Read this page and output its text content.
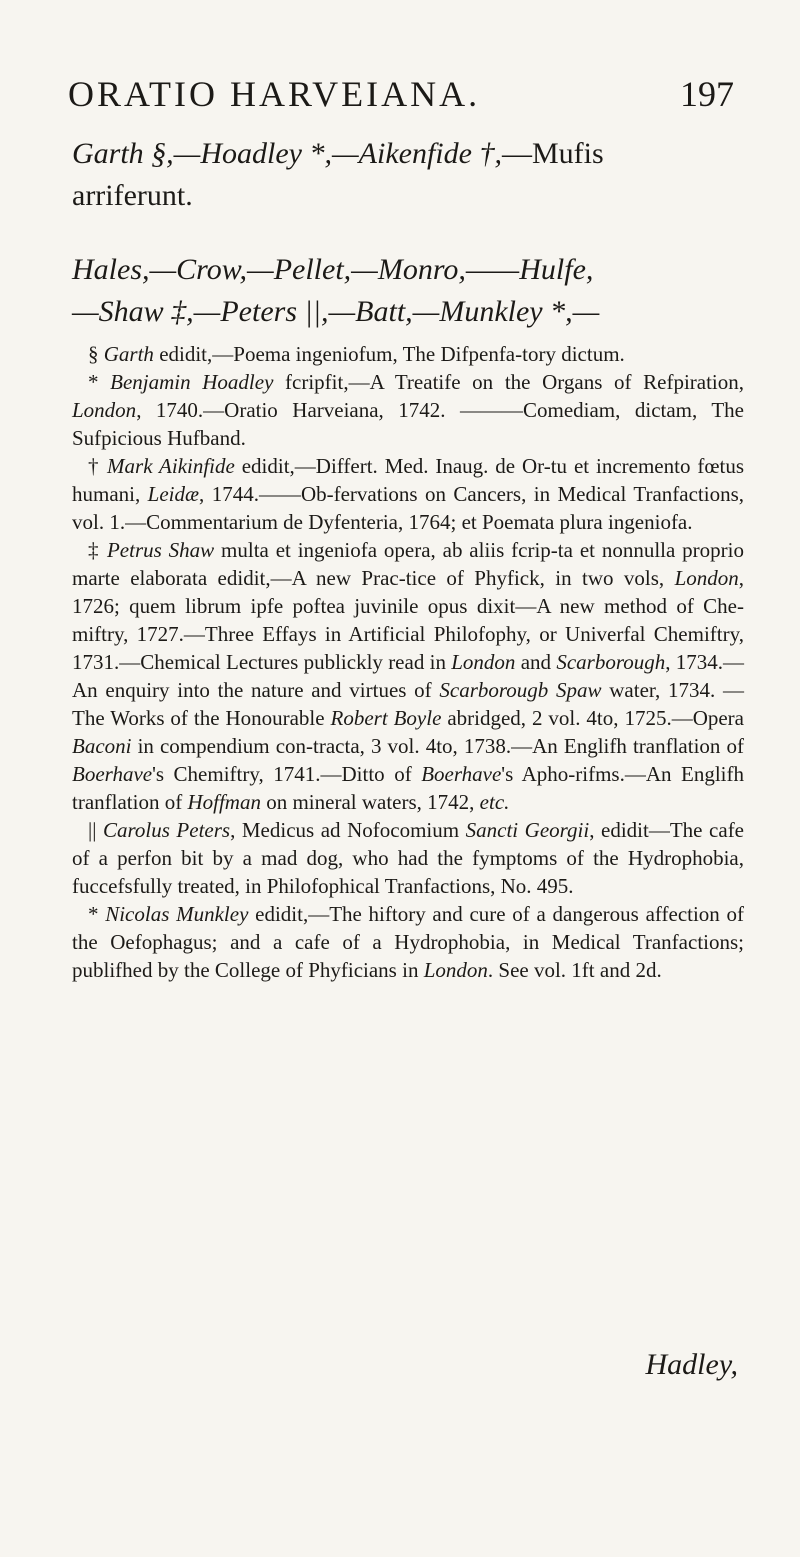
ORATIO HARVEIANA.	197

Garth §,—Hoadley *,—Aikenfide †,—Mufis

arriferunt.

Hales,—Crow,—Pellet,—Monro,——Hulfe,

—Shaw ‡,—Peters ||,—Batt,—Munkley *,—

§ Garth edidit,—Poema ingeniofum, The Difpenfa-tory dictum.

* Benjamin Hoadley fcripfit,—A Treatife on the Organs of Refpiration, London, 1740.—Oratio Harveiana, 1742. ———Comediam, dictam, The Sufpicious Hufband.

† Mark Aikinfide edidit,—Differt. Med. Inaug. de Or-tu et incremento fœtus humani, Leidæ, 1744.——Ob-fervations on Cancers, in Medical Tranfactions, vol. 1.—Commentarium de Dyfenteria, 1764; et Poemata plura ingeniofa.

‡ Petrus Shaw multa et ingeniofa opera, ab aliis fcrip-ta et nonnulla proprio marte elaborata edidit,—A new Prac-tice of Phyfick, in two vols, London, 1726; quem librum ipfe poftea juvinile opus dixit—A new method of Che-miftry, 1727.—Three Effays in Artificial Philofophy, or Univerfal Chemiftry, 1731.—Chemical Lectures publickly read in London and Scarborough, 1734.—An enquiry into the nature and virtues of Scarborougb Spaw water, 1734. —The Works of the Honourable Robert Boyle abridged, 2 vol. 4to, 1725.—Opera Baconi in compendium con-tracta, 3 vol. 4to, 1738.—An Englifh tranflation of Boerhave's Chemiftry, 1741.—Ditto of Boerhave's Apho-rifms.—An Englifh tranflation of Hoffman on mineral waters, 1742, etc.

|| Carolus Peters, Medicus ad Nofocomium Sancti Georgii, edidit—The cafe of a perfon bit by a mad dog, who had the fymptoms of the Hydrophobia, fuccefsfully treated, in Philofophical Tranfactions, No. 495.

* Nicolas Munkley edidit,—The hiftory and cure of a dangerous affection of the Oefophagus; and a cafe of a Hydrophobia, in Medical Tranfactions; publifhed by the College of Phyficians in London. See vol. 1ft and 2d.

Hadley,
